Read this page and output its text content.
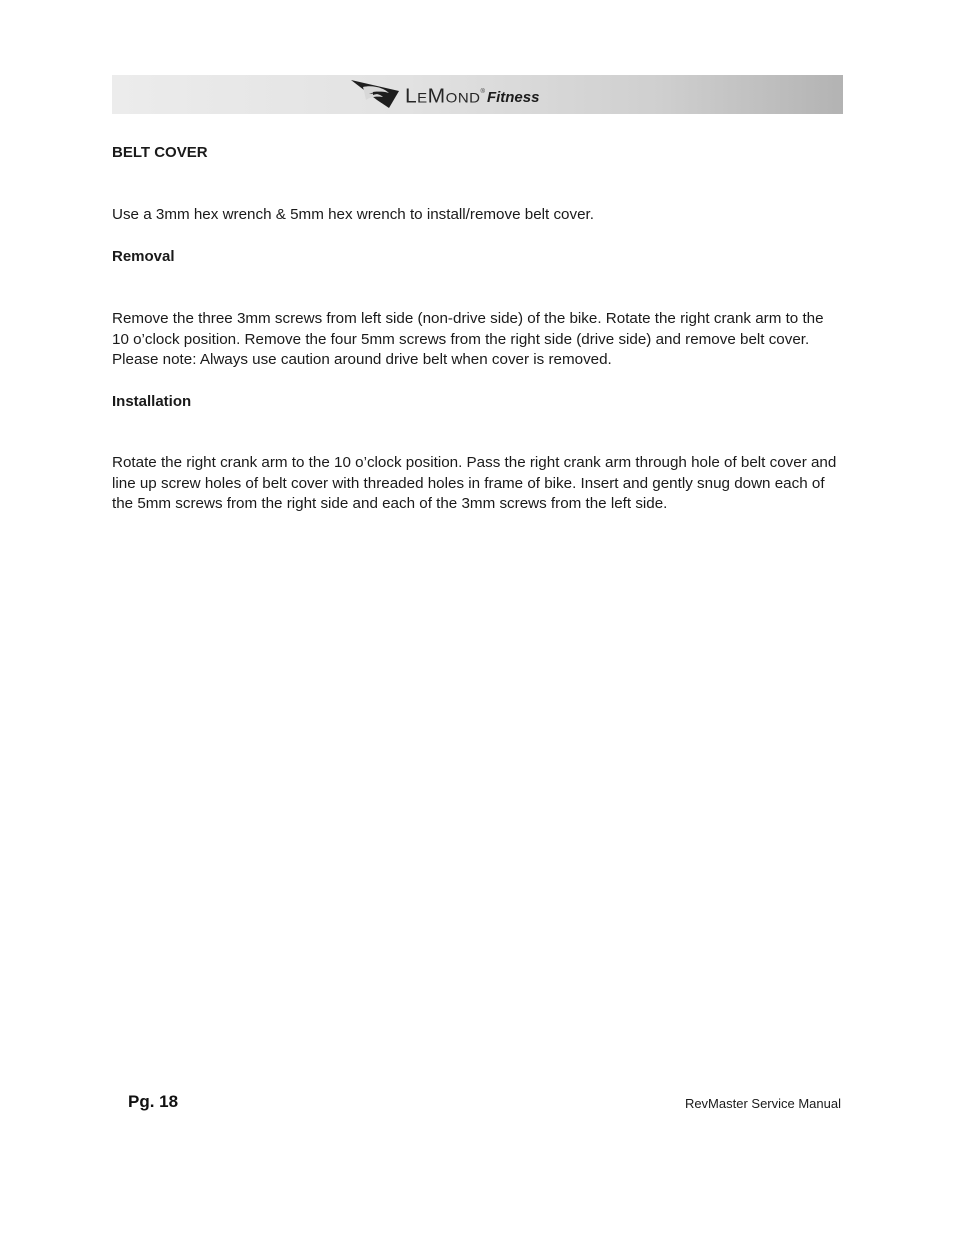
LeMond® Fitness
BELT COVER

Use a 3mm hex wrench & 5mm hex wrench to install/remove belt cover.

Removal

Remove the three 3mm screws from left side (non-drive side) of the bike. Rotate the right crank arm to the 10 o’clock position. Remove the four 5mm screws from the right side (drive side) and remove belt cover. Please note: Always use caution around drive belt when cover is removed.

Installation

Rotate the right crank arm to the 10 o’clock position. Pass the right crank arm through hole of belt cover and line up screw holes of belt cover with threaded holes in frame of bike. Insert and gently snug down each of the 5mm screws from the right side and each of the 3mm screws from the left side.

Pg. 18	RevMaster Service Manual
